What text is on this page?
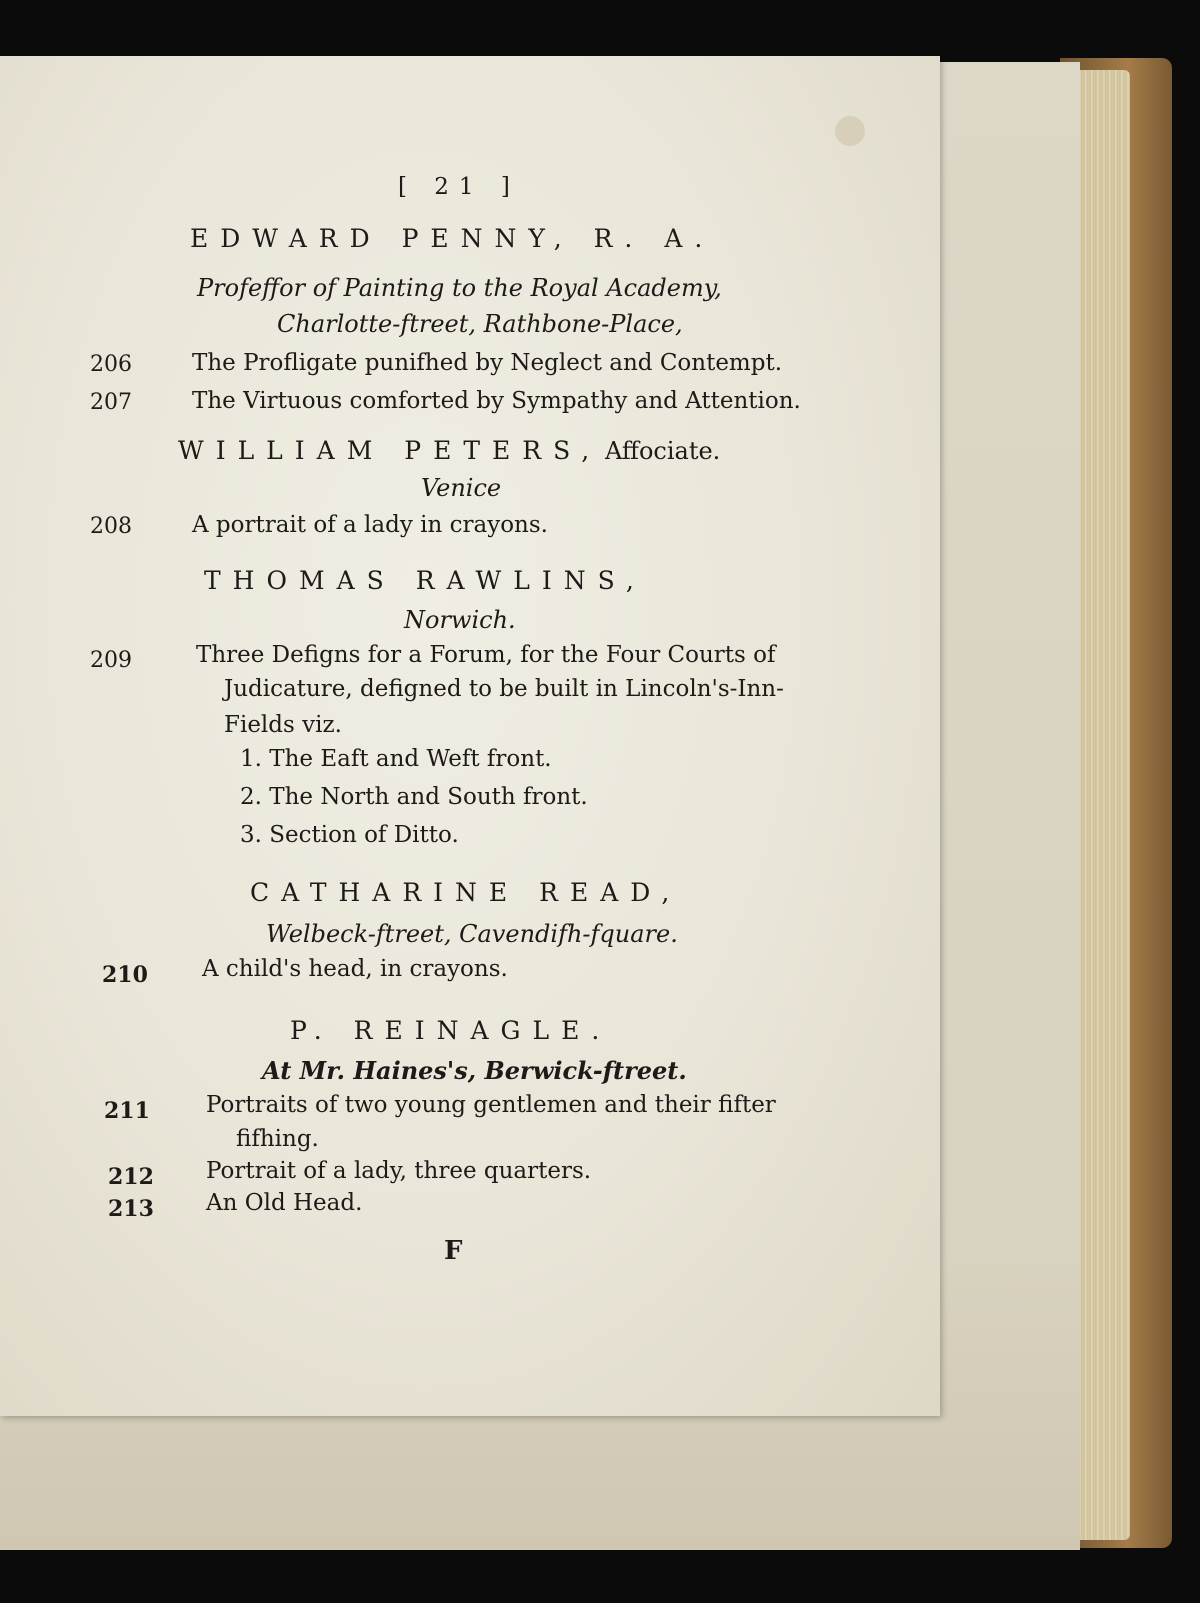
[ 21 ]
EDWARD PENNY, R. A.
Profeffor of Painting to the Royal Academy,
Charlotte-ftreet, Rathbone-Place,
206	The Profligate punifhed by Neglect and Contempt.
207	The Virtuous comforted by Sympathy and Attention.
WILLIAM PETERS, Affociate.
Venice
208	A portrait of a lady in crayons.
THOMAS RAWLINS,
Norwich.
209	Three Defigns for a Forum, for the Four Courts of
Judicature, defigned to be built in Lincoln's-Inn-
Fields viz.
1. The Eaft and Weft front.
2. The North and South front.
3. Section of Ditto.
CATHARINE READ,
Welbeck-ftreet, Cavendifh-fquare.
210 A child's head, in crayons.
P. REINAGLE.
At Mr. Haines's, Berwick-ftreet.
211 Portraits of two young gentlemen and their fifter
fifhing.
212 Portrait of a lady, three quarters.
213 An Old Head.
F
